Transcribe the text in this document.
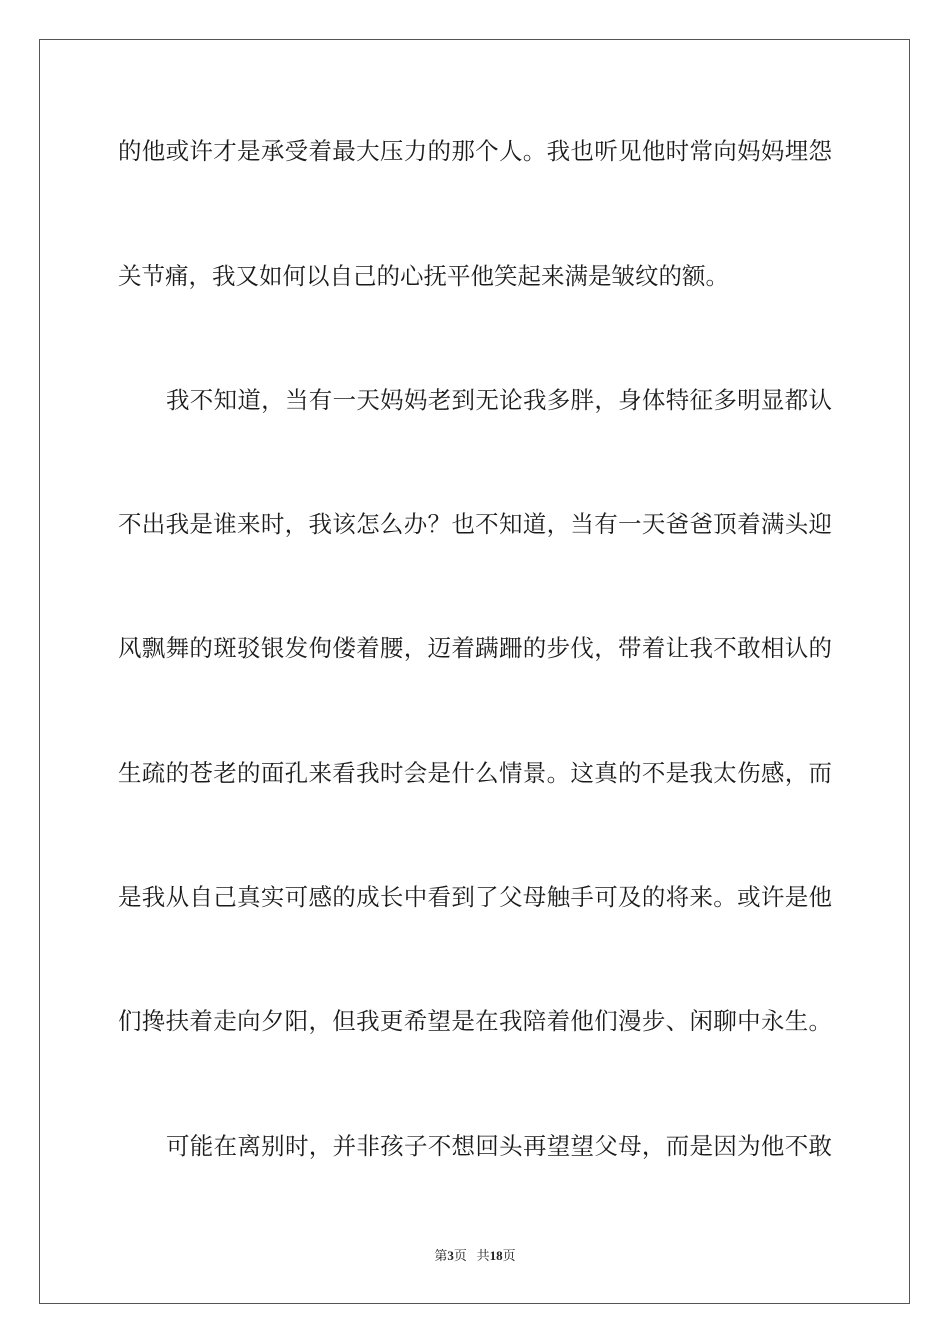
的他或许才是承受着最大压力的那个人。我也听见他时常向妈妈埋怨
关节痛，我又如何以自己的心抚平他笑起来满是皱纹的额。
我不知道，当有一天妈妈老到无论我多胖，身体特征多明显都认
不出我是谁来时，我该怎么办？也不知道，当有一天爸爸顶着满头迎
风飘舞的斑驳银发佝偻着腰，迈着蹒跚的步伐，带着让我不敢相认的
生疏的苍老的面孔来看我时会是什么情景。这真的不是我太伤感，而
是我从自己真实可感的成长中看到了父母触手可及的将来。或许是他
们搀扶着走向夕阳，但我更希望是在我陪着他们漫步、闲聊中永生。
可能在离别时，并非孩子不想回头再望望父母，而是因为他不敢
第3页 共18页
